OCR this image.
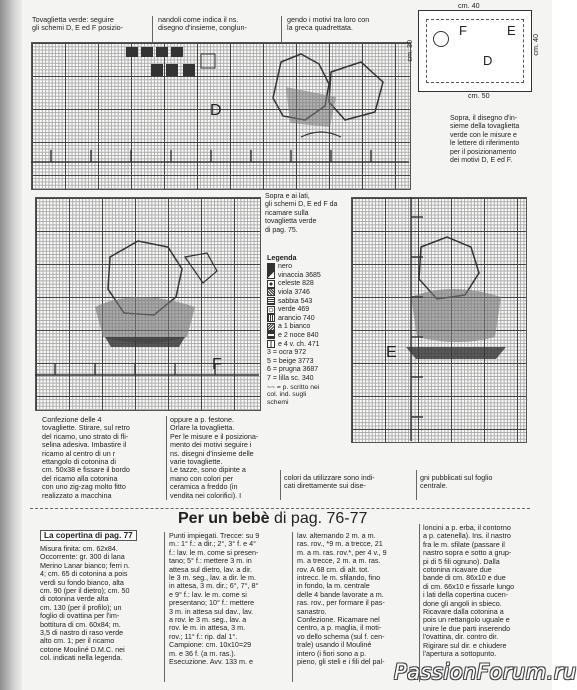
Tovaglietta verde: seguire
gli schemi D, E ed F posizio-
nandoli come indica il ns.
disegno d'insieme, conglun-
gendo i motivi tra loro con
la greca quadrettata.
D
F	E
D
cm. 40
cm. 40
cm. 30
cm. 50
Sopra, il disegno d'in-
sieme della tovaglietta
verde con le misure e
le lettere di riferimento
per il posizionamento
dei motivi D, E ed F.
F
Sopra e ai lati,
gli schemi D, E ed F da
ricamare sulla
tovaglietta verde
di pag. 75.
Legenda
nero
vinaccia 3685
celeste 828
viola 3746
sabbia 543
verde 469
arancio 740
a 1 bianco
e 2 noce 840
e 4 v. ch. 471
3 = ocra 972
5 = beige 3773
6 = prugna 3687
7 = lilla sc. 340
~~ = p. scritto nei
col. ind. sugli
schemi
E
Confezione delle 4
tovagliette. Stirare, sul retro
del ricamo, uno strato di fli-
selina adesiva. Imbastire il
ricamo al centro di un r
ettangolo di cotonina di
cm. 50x38 e fissare il bordo
del ricamo alla cotonina
con uno zig-zag molto fitto
realizzato a macchina
oppure a p. festone.
Orlare la tovaglietta.
Per le misure e il posiziona-
mento dei motivi seguire i
ns. disegni d'insieme delle
varie tovagliette.
Le tazze, sono dipinte a
mano con colori per
ceramica a freddo (in
vendita nei colorifici). I
colori da utilizzare sono indi-
cati direttamente sui dise-
gni pubblicati sul foglio
centrale.
Per un bebè di pag. 76-77
La copertina di pag. 77
Misura finita: cm. 62x84.
Occorrente: gr. 300 di lana
Merino Lanar bianco; ferri n.
4; cm. 65 di cotonina a pois
verdi su fondo bianco, alta
cm. 90 (per il dietro); cm. 50
di cotonina verde alta
cm. 130 (per il profilo); un
foglio di ovattina per l'im-
bottitura di cm. 60x84; m.
3,5 di nastro di raso verde
alto cm. 1; per il ricamo
cotone Mouliné D.M.C. nei
col. indicati nella legenda.
Punti impiegati. Trecce: su 9
m.: 1° f.: a dir.; 2°, 3° f. e 4°
f.: lav. le m. come si presen-
tano; 5° f.: mettere 3 m. in
attesa sul dietro, lav. a dir.
le 3 m. seg., lav. a dir. le m.
in attesa, 3 m. dir.; 6°, 7°, 8°
e 9° f.: lav. le m. come si
presentano; 10° f.: mettere
3 m. in attesa sul dav., lav.
a rov. le 3 m. seg., lav. a
rov. le m. in attesa, 3 m.
rov.; 11° f.: rip. dal 1°.
Campione: cm. 10x10=29
m. e 36 f. (a m. ras.).
Esecuzione. Avv. 133 m. e
lav. alternando 2 m. a m.
ras. rov., *9 m. a trecce, 21
m. a m. ras. rov.*, per 4 v., 9
m. a trecce, 2 m. a m. ras.
rov. A 68 cm. di alt. tot.
intrecc. le m. sfilando, fino
in fondo, la m. centrale
delle 4 bande lavorate a m.
ras. rov., per formare il pas-
sanastro.
Confezione. Ricamare nel
centro, a p. maglia, il moti-
vo dello schema (sul f. cen-
trale) usando il Mouliné
intero (i fiori sono a p.
pieno, gli steli e i fili del pal-
loncini a p. erba, il contorno
a p. catenella). Ins. il nastro
fra le m. sfilate (passare il
nastro sopra e sotto a grup-
pi di 5 fili ognuno). Dalla
cotonina ricavare due
bande di cm. 86x10 e due
di cm. 66x10 e fissarle lungo
i lati della copertina cucen-
done gli angoli in sbieco.
Ricavare dalla cotonina a
pois un rettangolo uguale e
unire le due parti inserendo
l'ovattina, dir. contro dir.
Rigirare sul dir. e chiudere
l'apertura a sottopunto.
PassionForum.ru
